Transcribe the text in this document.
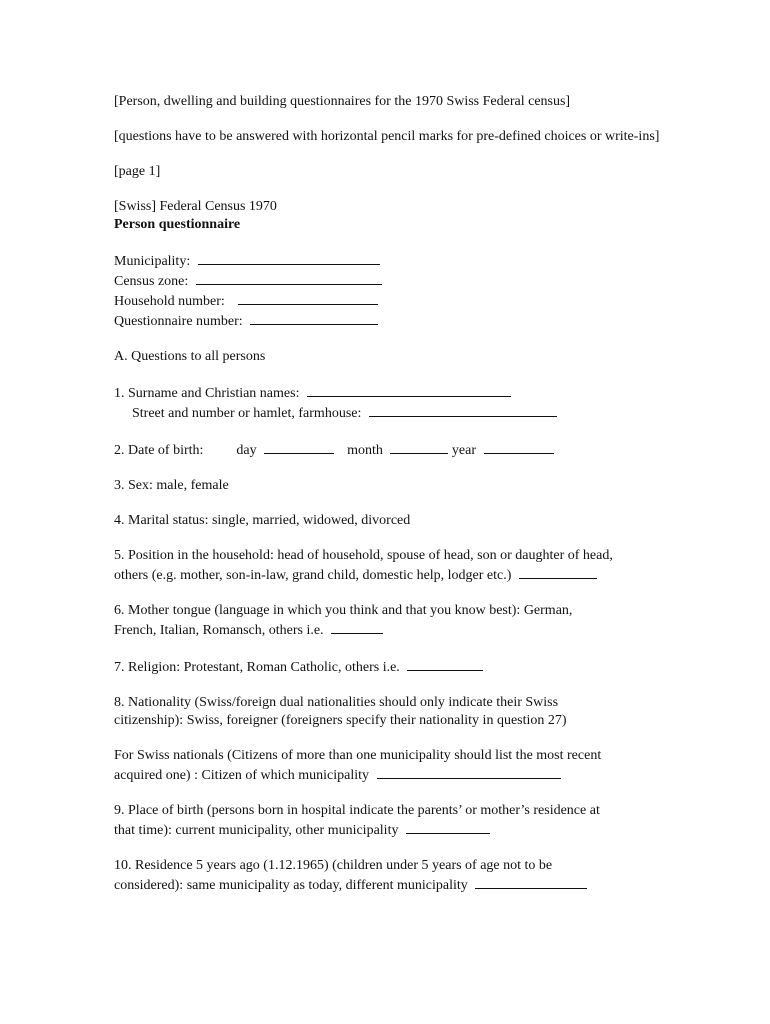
[Person, dwelling and building questionnaires for the 1970 Swiss Federal census]

[questions have to be answered with horizontal pencil marks for pre-defined choices or write-ins]

[page 1]

[Swiss] Federal Census 1970
Person questionnaire
Municipality:
Census zone:
Household number:
Questionnaire number:

A. Questions to all persons

1. Surname and Christian names:
Street and number or hamlet, farmhouse:
2. Date of birth: day	month	year

3. Sex: male, female

4. Marital status: single, married, widowed, divorced

5. Position in the household: head of household, spouse of head, son or daughter of head,
others (e.g. mother, son-in-law, grand child, domestic help, lodger etc.)
6. Mother tongue (language in which you think and that you know best): German,
French, Italian, Romansch, others i.e.
7. Religion: Protestant, Roman Catholic, others i.e.
8. Nationality (Swiss/foreign dual nationalities should only indicate their Swiss
citizenship): Swiss, foreigner (foreigners specify their nationality in question 27)
For Swiss nationals (Citizens of more than one municipality should list the most recent
acquired one) : Citizen of which municipality
9. Place of birth (persons born in hospital indicate the parents’ or mother’s residence at
that time): current municipality, other municipality
10. Residence 5 years ago (1.12.1965) (children under 5 years of age not to be
considered): same municipality as today, different municipality
